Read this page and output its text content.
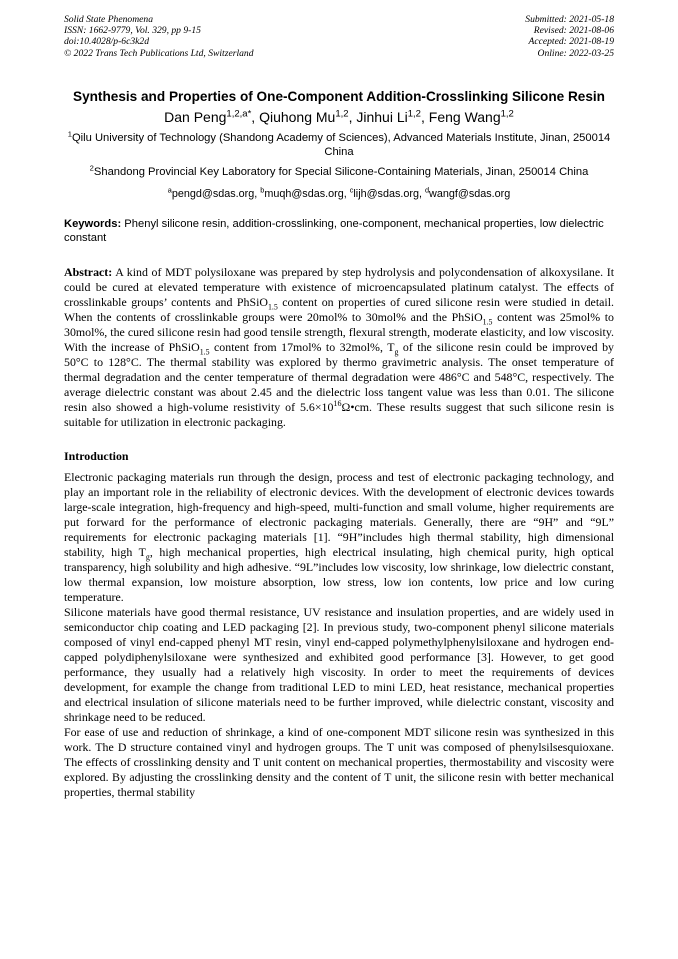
Solid State Phenomena
ISSN: 1662-9779, Vol. 329, pp 9-15
doi:10.4028/p-6c3k2d
© 2022 Trans Tech Publications Ltd, Switzerland
Submitted: 2021-05-18
Revised: 2021-08-06
Accepted: 2021-08-19
Online: 2022-03-25
Synthesis and Properties of One-Component Addition-Crosslinking Silicone Resin
Dan Peng$^{1,2,a*}$, Qiuhong Mu$^{1,2}$, Jinhui Li$^{1,2}$, Feng Wang$^{1,2}$
$^1$Qilu University of Technology (Shandong Academy of Sciences), Advanced Materials Institute, Jinan, 250014 China
$^2$Shandong Provincial Key Laboratory for Special Silicone-Containing Materials, Jinan, 250014 China
$^a$pengd@sdas.org, $^b$muqh@sdas.org, $^c$lijh@sdas.org, $^d$wangf@sdas.org
Keywords: Phenyl silicone resin, addition-crosslinking, one-component, mechanical properties, low dielectric constant
Abstract: A kind of MDT polysiloxane was prepared by step hydrolysis and polycondensation of alkoxysilane. It could be cured at elevated temperature with existence of microencapsulated platinum catalyst. The effects of crosslinkable groups’ contents and PhSiO$_{1.5}$ content on properties of cured silicone resin were studied in detail. When the contents of crosslinkable groups were 20mol% to 30mol% and the PhSiO$_{1.5}$ content was 25mol% to 30mol%, the cured silicone resin had good tensile strength, flexural strength, moderate elasticity, and low viscosity. With the increase of PhSiO$_{1.5}$ content from 17mol% to 32mol%, $T_g$ of the silicone resin could be improved by 50°C to 128°C. The thermal stability was explored by thermo gravimetric analysis. The onset temperature of thermal degradation and the center temperature of thermal degradation were 486°C and 548°C, respectively. The average dielectric constant was about 2.45 and the dielectric loss tangent value was less than 0.01. The silicone resin also showed a high-volume resistivity of $5.6\times 10^{16}\Omega•cm$. These results suggest that such silicone resin is suitable for utilization in electronic packaging.
Introduction
Electronic packaging materials run through the design, process and test of electronic packaging technology, and play an important role in the reliability of electronic devices. With the development of electronic devices towards large-scale integration, high-frequency and high-speed, multi-function and small volume, higher requirements are put forward for the performance of electronic packaging materials. Generally, there are “9H” and “9L” requirements for electronic packaging materials [1]. “9H”includes high thermal stability, high dimensional stability, high $T_g$, high mechanical properties, high electrical insulating, high chemical purity, high optical transparency, high solubility and high adhesive. “9L”includes low viscosity, low shrinkage, low dielectric constant, low thermal expansion, low moisture absorption, low stress, low ion contents, low price and low curing temperature.
Silicone materials have good thermal resistance, UV resistance and insulation properties, and are widely used in semiconductor chip coating and LED packaging [2]. In previous study, two-component phenyl silicone materials composed of vinyl end-capped phenyl MT resin, vinyl end-capped polymethylphenylsiloxane and hydrogen end-capped polydiphenylsiloxane were synthesized and exhibited good performance [3]. However, to get good performance, they usually had a relatively high viscosity. In order to meet the requirements of devices development, for example the change from traditional LED to mini LED, heat resistance, mechanical properties and electrical insulation of silicone materials need to be further improved, while dielectric constant, viscosity and shrinkage need to be reduced.
For ease of use and reduction of shrinkage, a kind of one-component MDT silicone resin was synthesized in this work. The D structure contained vinyl and hydrogen groups. The T unit was composed of phenylsilsesquioxane. The effects of crosslinking density and T unit content on mechanical properties, thermostability and viscosity were explored. By adjusting the crosslinking density and the content of T unit, the silicone resin with better mechanical properties, thermal stability
